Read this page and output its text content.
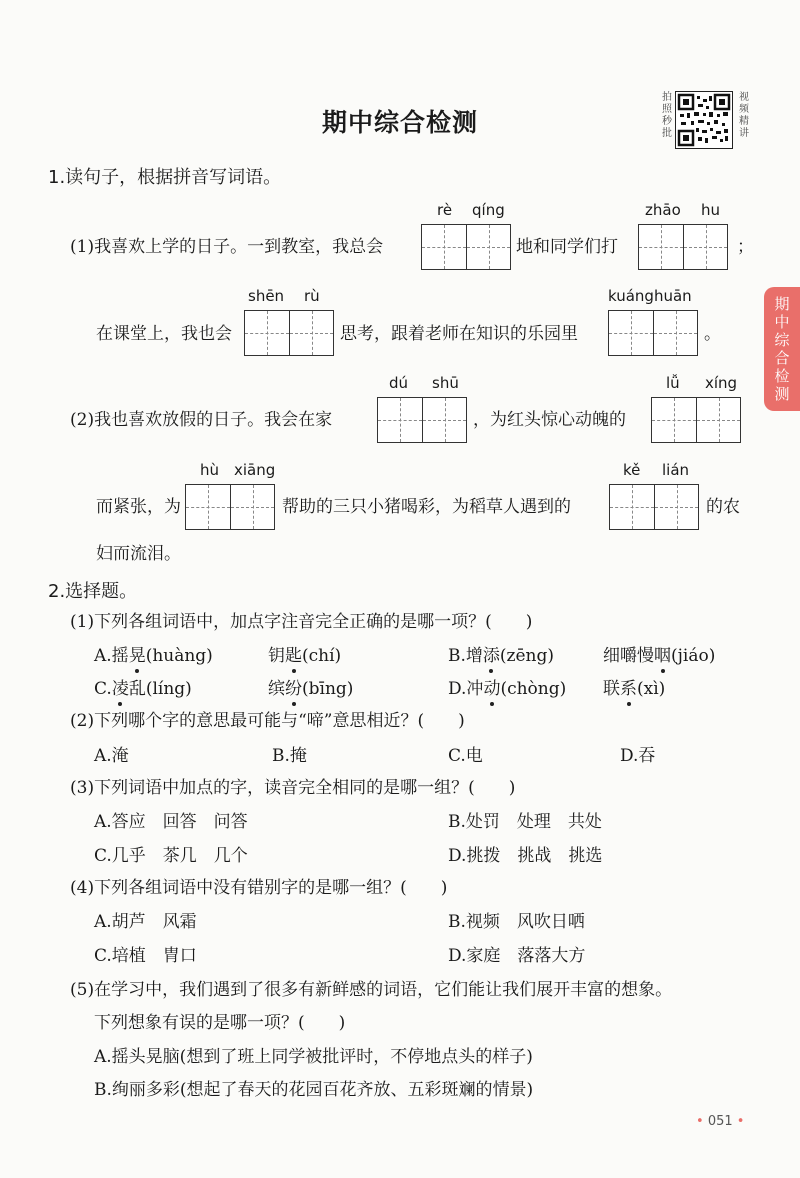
期中综合检测
拍照秒批
视频精讲
期中综合检测
1.读句子，根据拼音写词语。
rè qíng	zhāo hu
(1)我喜欢上学的日子。一到教室，我总会	地和同学们打	；
shēn rù	kuánghuān
在课堂上，我也会	思考，跟着老师在知识的乐园里	。
dú shū	lǚ xíng
(2)我也喜欢放假的日子。我会在家	，为红头惊心动魄的
hù xiāng	kě lián
而紧张，为	帮助的三只小猪喝彩，为稻草人遇到的	的农
妇而流泪。
2.选择题。
(1)下列各组词语中，加点字注音完全正确的是哪一项？(　　)
A.摇晃(huàng)	钥匙(chí)	B.增添(zēng)	细嚼慢咽(jiáo)
C.凌乱(líng)	缤纷(bīng)	D.冲动(chòng) 联系(xì)
(2)下列哪个字的意思最可能与“啼”意思相近？(　　)
A.淹	B.掩	C.电	D.吞
(3)下列词语中加点的字，读音完全相同的是哪一组？(　　)
A.答应　回答　问答	B.处罚　处理　共处
C.几乎　茶几　几个	D.挑拨　挑战　挑选
(4)下列各组词语中没有错别字的是哪一组？(　　)
A.胡芦　风霜	B.视频　风吹日哂
C.培植　胄口	D.家庭　落落大方
(5)在学习中，我们遇到了很多有新鲜感的词语，它们能让我们展开丰富的想象。
下列想象有误的是哪一项？(　　)
A.摇头晃脑(想到了班上同学被批评时，不停地点头的样子)
B.绚丽多彩(想起了春天的花园百花齐放、五彩斑斓的情景)
• 051 •
